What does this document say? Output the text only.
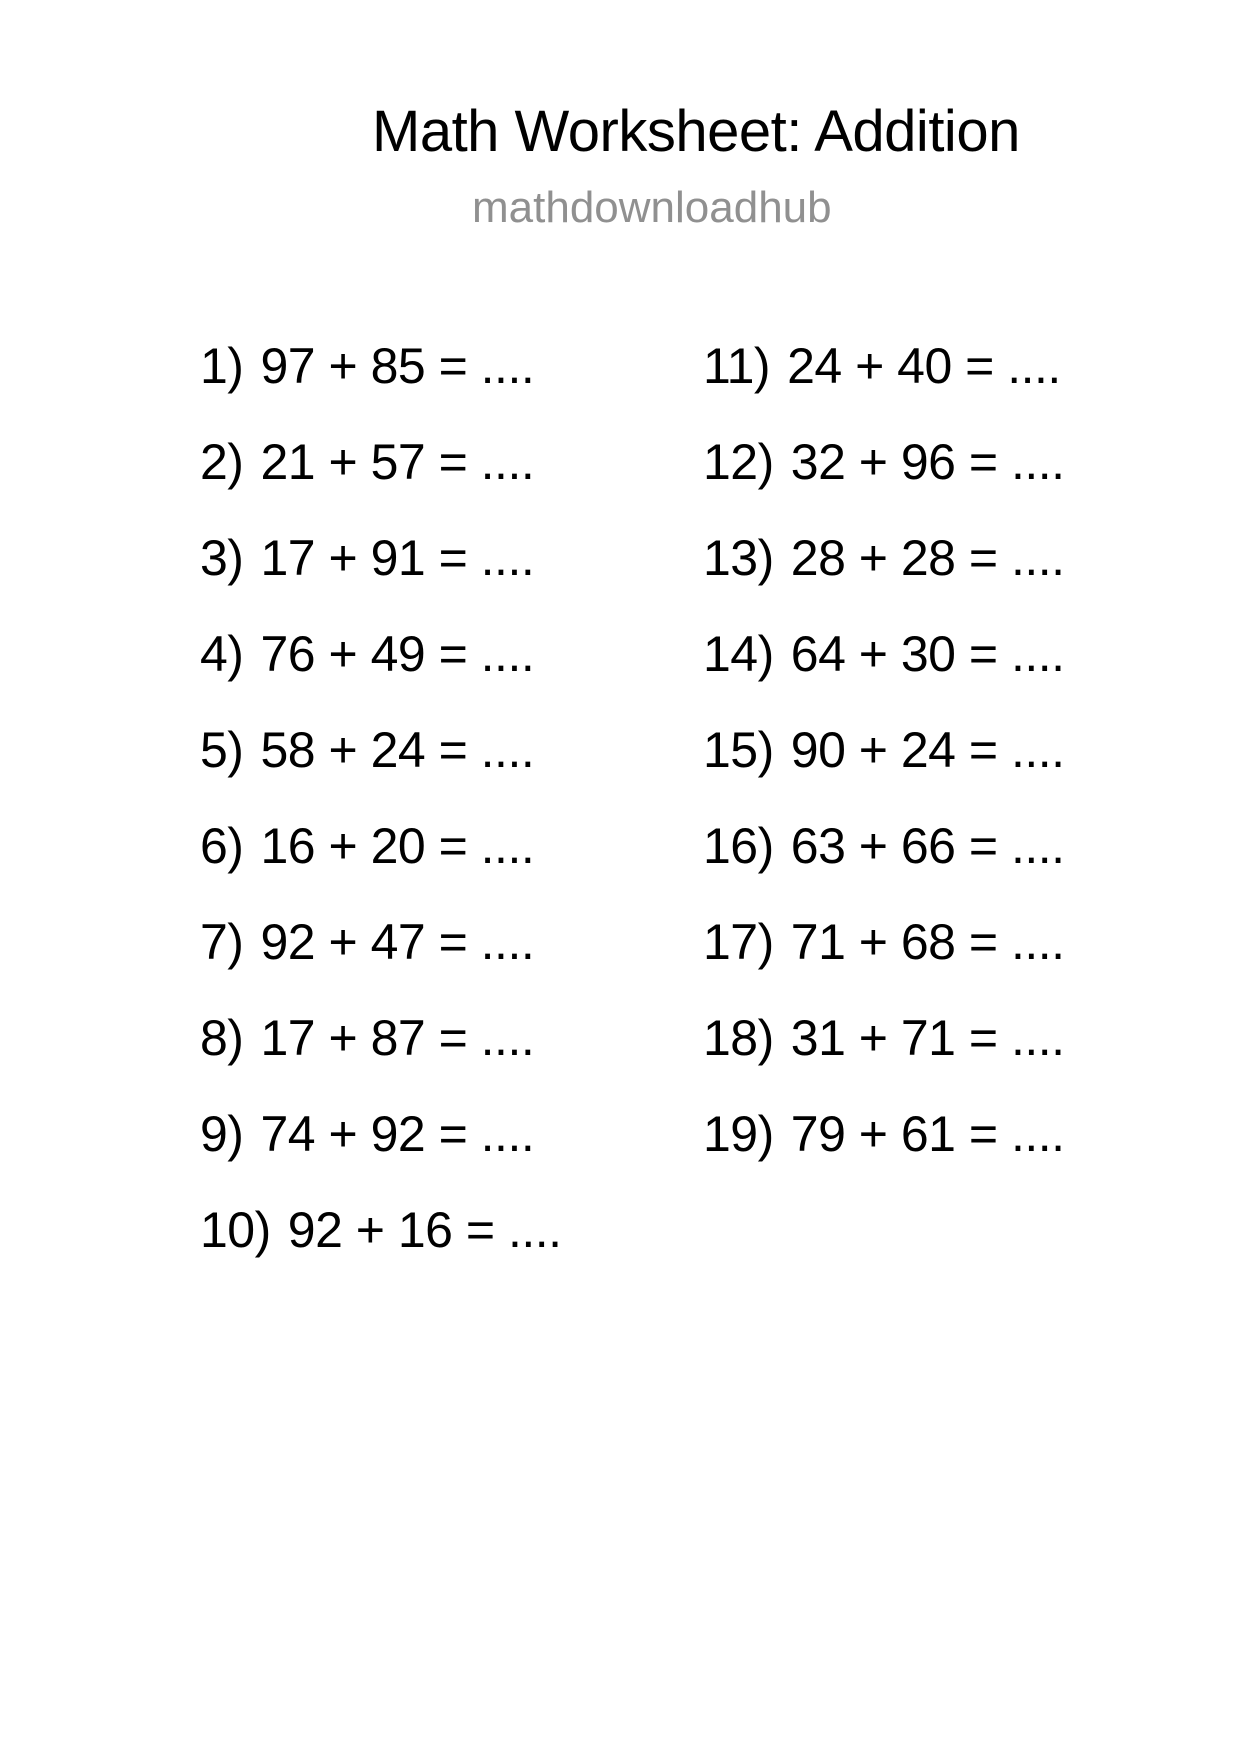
Math Worksheet: Addition
mathdownloadhub
1) 97 + 85 = ....
2) 21 + 57 = ....
3) 17 + 91 = ....
4) 76 + 49 = ....
5) 58 + 24 = ....
6) 16 + 20 = ....
7) 92 + 47 = ....
8) 17 + 87 = ....
9) 74 + 92 = ....
10) 92 + 16 = ....
11) 24 + 40 = ....
12) 32 + 96 = ....
13) 28 + 28 = ....
14) 64 + 30 = ....
15) 90 + 24 = ....
16) 63 + 66 = ....
17) 71 + 68 = ....
18) 31 + 71 = ....
19) 79 + 61 = ....
